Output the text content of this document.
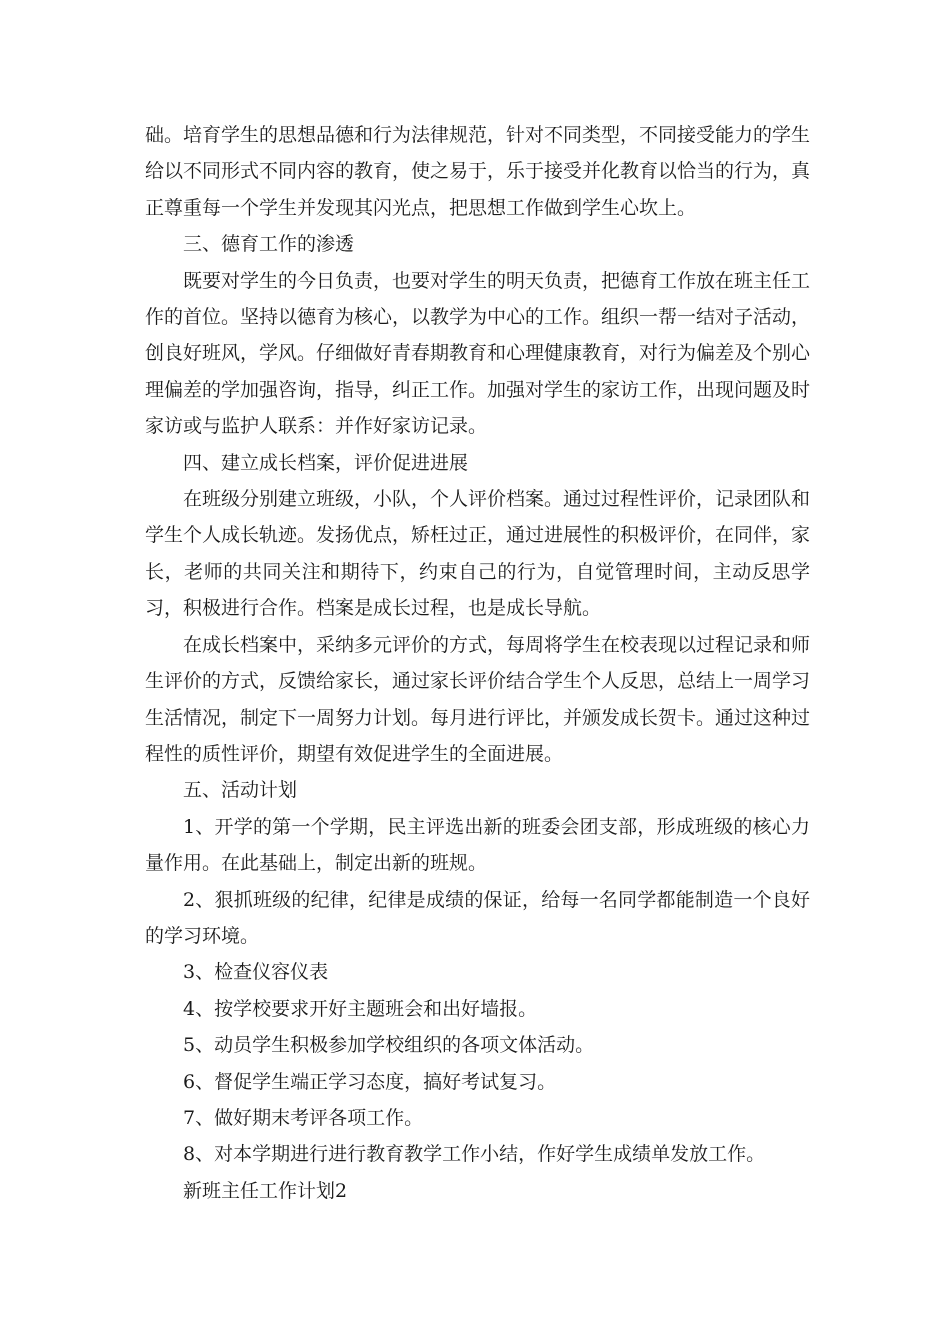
础。培育学生的思想品德和行为法律规范，针对不同类型，不同接受能力的学生给以不同形式不同内容的教育，使之易于，乐于接受并化教育以恰当的行为，真正尊重每一个学生并发现其闪光点，把思想工作做到学生心坎上。

三、德育工作的渗透

既要对学生的今日负责，也要对学生的明天负责，把德育工作放在班主任工作的首位。坚持以德育为核心，以教学为中心的工作。组织一帮一结对子活动，创良好班风，学风。仔细做好青春期教育和心理健康教育，对行为偏差及个别心理偏差的学加强咨询，指导，纠正工作。加强对学生的家访工作，出现问题及时家访或与监护人联系：并作好家访记录。

四、建立成长档案，评价促进进展

在班级分别建立班级，小队，个人评价档案。通过过程性评价，记录团队和学生个人成长轨迹。发扬优点，矫枉过正，通过进展性的积极评价，在同伴，家长，老师的共同关注和期待下，约束自己的行为，自觉管理时间，主动反思学习，积极进行合作。档案是成长过程，也是成长导航。

在成长档案中，采纳多元评价的方式，每周将学生在校表现以过程记录和师生评价的方式，反馈给家长，通过家长评价结合学生个人反思，总结上一周学习生活情况，制定下一周努力计划。每月进行评比，并颁发成长贺卡。通过这种过程性的质性评价，期望有效促进学生的全面进展。

五、活动计划

1、开学的第一个学期，民主评选出新的班委会团支部，形成班级的核心力量作用。在此基础上，制定出新的班规。

2、狠抓班级的纪律，纪律是成绩的保证，给每一名同学都能制造一个良好的学习环境。

3、检查仪容仪表

4、按学校要求开好主题班会和出好墙报。

5、动员学生积极参加学校组织的各项文体活动。

6、督促学生端正学习态度，搞好考试复习。

7、做好期末考评各项工作。

8、对本学期进行进行教育教学工作小结，作好学生成绩单发放工作。

新班主任工作计划2
